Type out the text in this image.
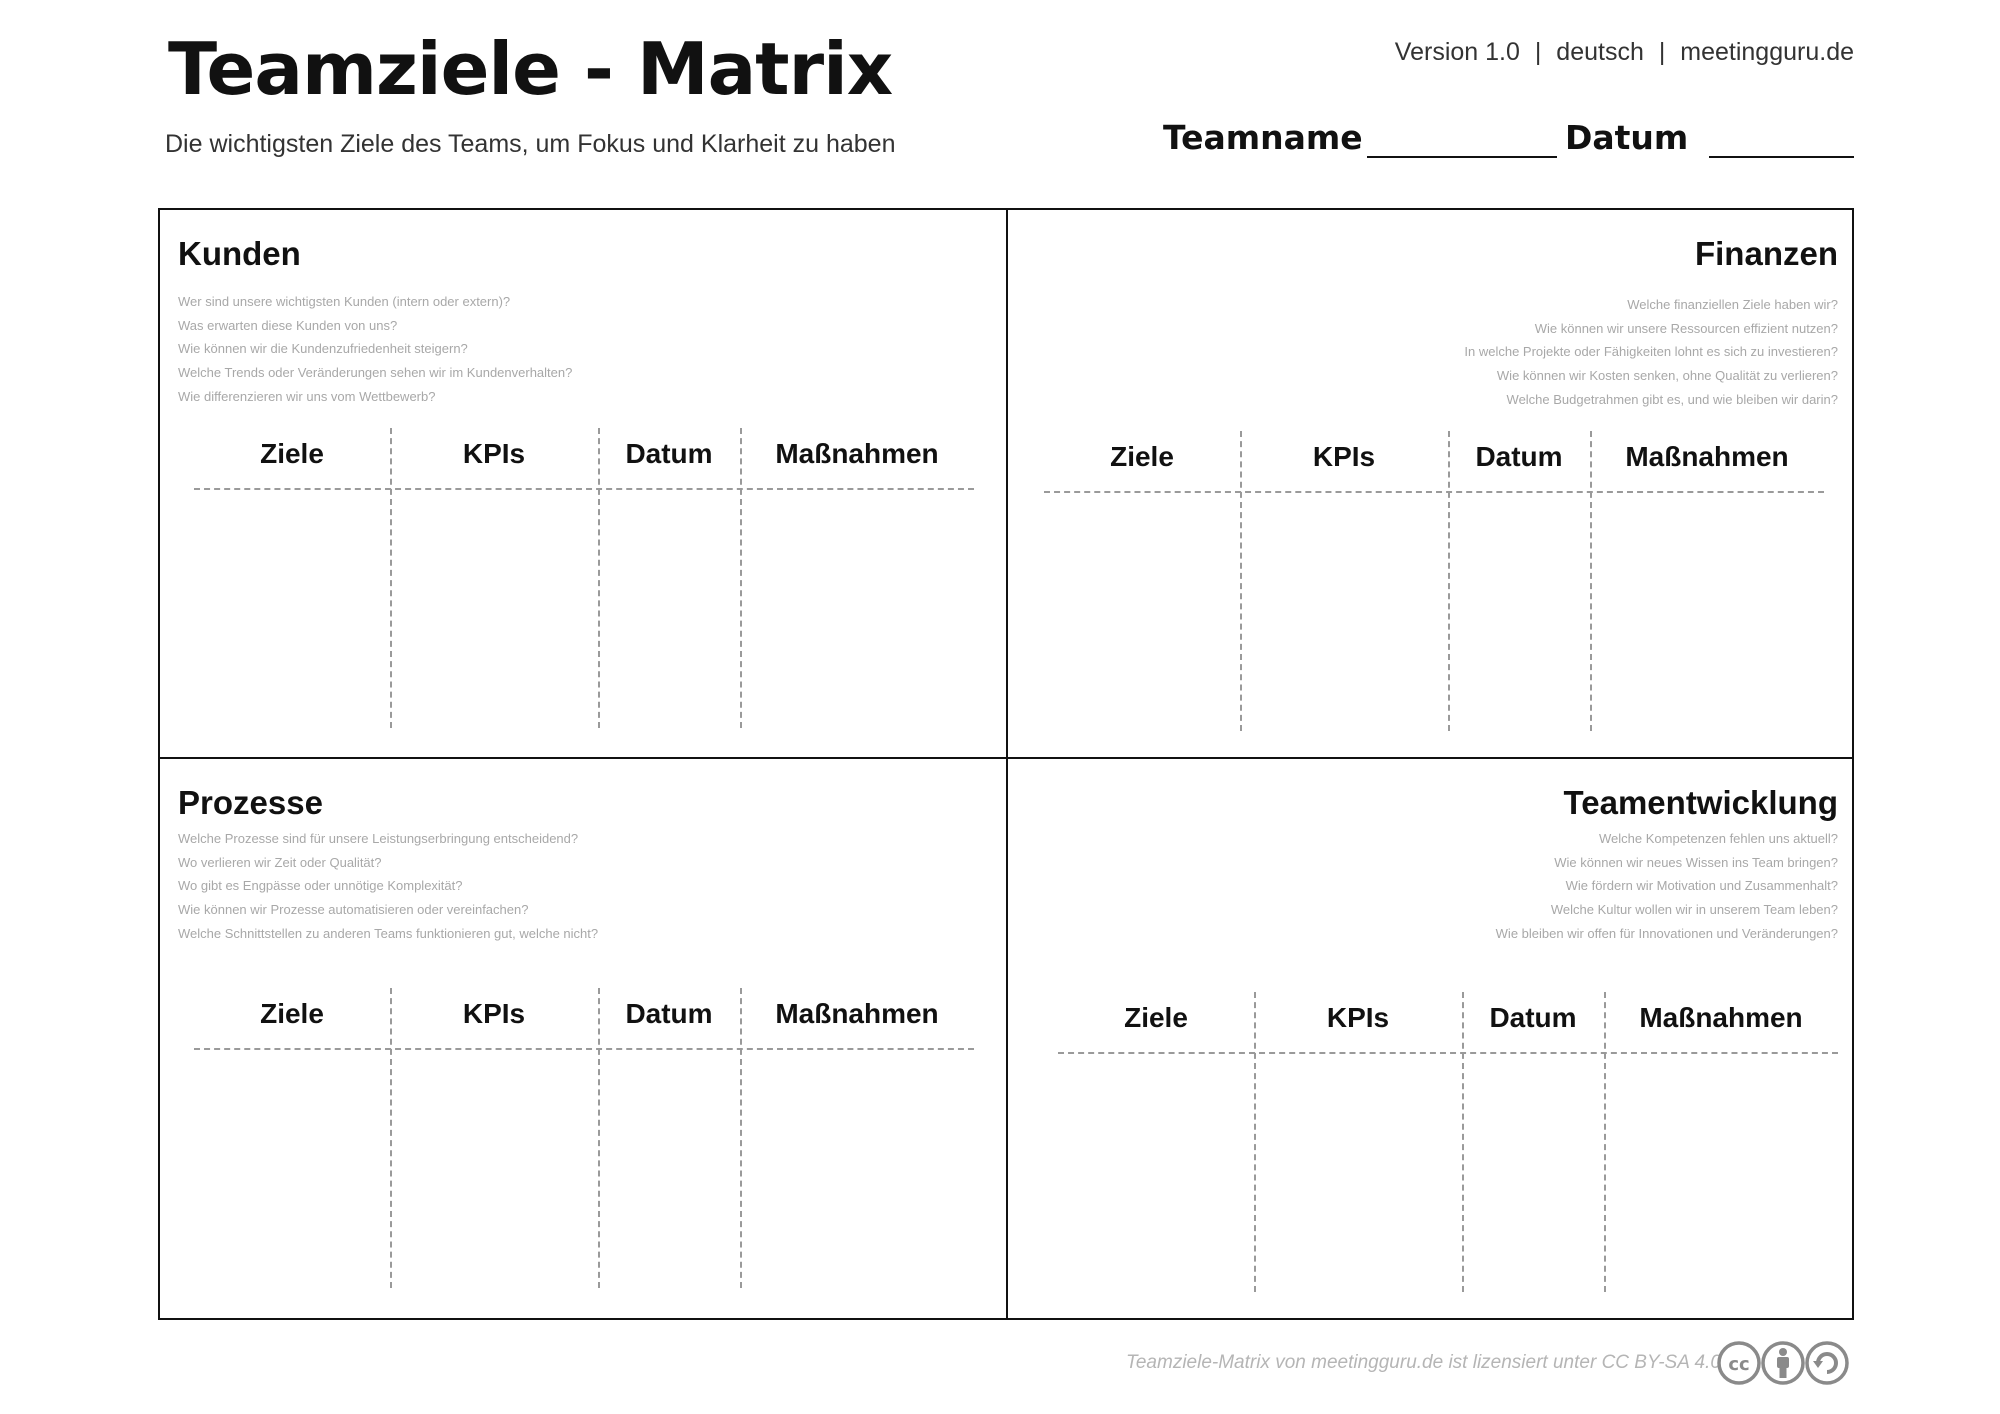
Teamziele - Matrix

Die wichtigsten Ziele des Teams, um Fokus und Klarheit zu haben

Version 1.0 | deutsch | meetingguru.de
Teamname	Datum
Kunden
Wer sind unsere wichtigsten Kunden (intern oder extern)?
Was erwarten diese Kunden von uns?
Wie können wir die Kundenzufriedenheit steigern?
Welche Trends oder Veränderungen sehen wir im Kundenverhalten?
Wie differenzieren wir uns vom Wettbewerb?
Ziele	KPIs	Datum	Maßnahmen
Finanzen
Welche finanziellen Ziele haben wir?
Wie können wir unsere Ressourcen effizient nutzen?
In welche Projekte oder Fähigkeiten lohnt es sich zu investieren?
Wie können wir Kosten senken, ohne Qualität zu verlieren?
Welche Budgetrahmen gibt es, und wie bleiben wir darin?
Ziele	KPIs	Datum	Maßnahmen
Prozesse
Welche Prozesse sind für unsere Leistungserbringung entscheidend?
Wo verlieren wir Zeit oder Qualität?
Wo gibt es Engpässe oder unnötige Komplexität?
Wie können wir Prozesse automatisieren oder vereinfachen?
Welche Schnittstellen zu anderen Teams funktionieren gut, welche nicht?
Ziele	KPIs	Datum	Maßnahmen
Teamentwicklung
Welche Kompetenzen fehlen uns aktuell?
Wie können wir neues Wissen ins Team bringen?
Wie fördern wir Motivation und Zusammenhalt?
Welche Kultur wollen wir in unserem Team leben?
Wie bleiben wir offen für Innovationen und Veränderungen?
Ziele	KPIs	Datum	Maßnahmen
Teamziele-Matrix von meetingguru.de ist lizensiert unter CC BY-SA 4.0 cc
